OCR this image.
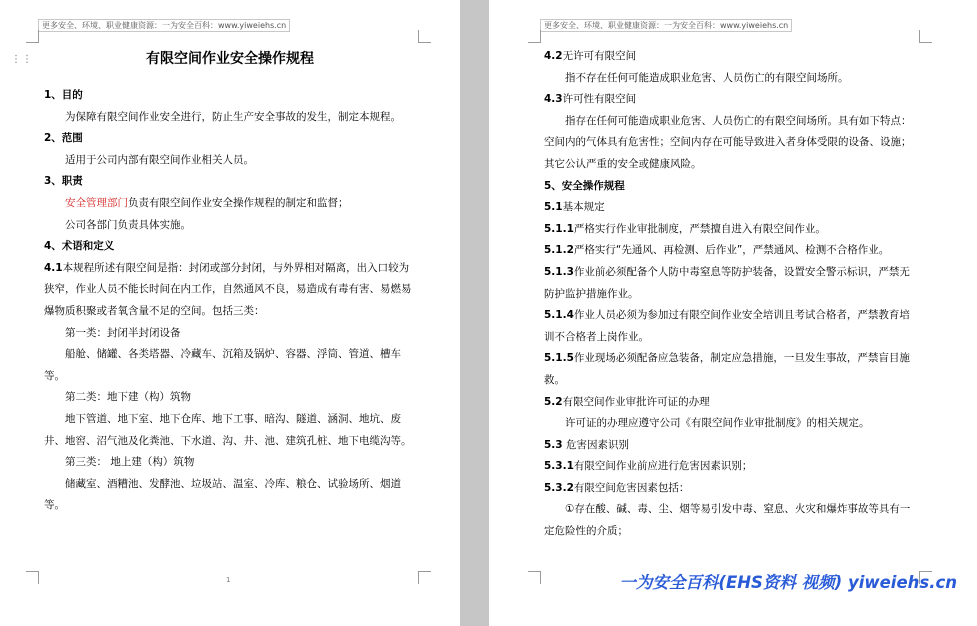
更多安全、环境、职业健康资源：一为安全百科：www.yiweiehs.cn
⋮⋮	有限空间作业安全操作规程

1、目的

为保障有限空间作业安全进行，防止生产安全事故的发生，制定本规程。

2、范围

适用于公司内部有限空间作业相关人员。

3、职责

安全管理部门负责有限空间作业安全操作规程的制定和监督；

公司各部门负责具体实施。

4、术语和定义

4.1本规程所述有限空间是指：封闭或部分封闭，与外界相对隔离，出入口较为狭窄，作业人员不能长时间在内工作，自然通风不良，易造成有毒有害、易燃易爆物质积聚或者氧含量不足的空间。包括三类：

第一类：封闭半封闭设备

船舱、储罐、各类塔器、冷藏车、沉箱及锅炉、容器、浮筒、管道、槽车等。

第二类：地下建（构）筑物

地下管道、地下室、地下仓库、地下工事、暗沟、隧道、涵洞、地坑、废井、地窖、沼气池及化粪池、下水道、沟、井、池、建筑孔桩、地下电缆沟等。

第三类： 地上建（构）筑物

储藏室、酒糟池、发酵池、垃圾站、温室、冷库、粮仓、试验场所、烟道等。

1
更多安全、环境、职业健康资源：一为安全百科：www.yiweiehs.cn

4.2无许可有限空间

指不存在任何可能造成职业危害、人员伤亡的有限空间场所。

4.3许可性有限空间

指存在任何可能造成职业危害、人员伤亡的有限空间场所。具有如下特点：空间内的气体具有危害性；空间内存在可能导致进入者身体受限的设备、设施；其它公认严重的安全或健康风险。

5、安全操作规程

5.1基本规定

5.1.1严格实行作业审批制度，严禁擅自进入有限空间作业。

5.1.2严格实行“先通风、再检测、后作业”，严禁通风、检测不合格作业。

5.1.3作业前必须配备个人防中毒窒息等防护装备，设置安全警示标识，严禁无防护监护措施作业。

5.1.4作业人员必须为参加过有限空间作业安全培训且考试合格者，严禁教育培训不合格者上岗作业。

5.1.5作业现场必须配备应急装备，制定应急措施，一旦发生事故，严禁盲目施救。

5.2有限空间作业审批许可证的办理

许可证的办理应遵守公司《有限空间作业审批制度》的相关规定。

5.3 危害因素识别

5.3.1有限空间作业前应进行危害因素识别；

5.3.2有限空间危害因素包括：

①存在酸、碱、毒、尘、烟等易引发中毒、窒息、火灾和爆炸事故等具有一定危险性的介质；

一为安全百科(EHS资料 视频) yiweiehs.cn
